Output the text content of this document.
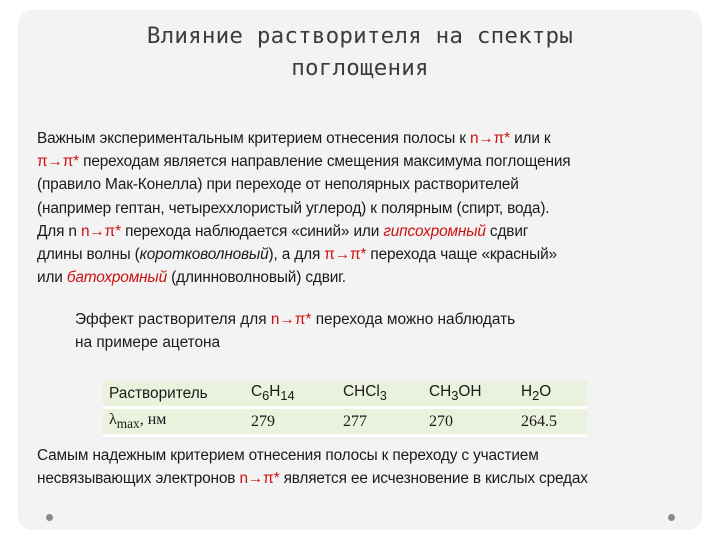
Влияние растворителя на спектры
поглощения
Важным экспериментальным критерием отнесения полосы к n→π* или к
π→π* переходам является направление смещения максимума поглощения
(правило Мак-Конелла) при переходе от неполярных растворителей
(например гептан, четыреххлористый углерод) к полярным (спирт, вода).
Для n n→π* перехода наблюдается «синий» или гипсохромный сдвиг
длины волны (коротковолновый), а для π→π* перехода чаще «красный»
или батохромный (длинноволновый) сдвиг.
Эффект растворителя для n→π* перехода можно наблюдать
на примере ацетона
Растворитель	$C_6H_{14}$	CHCl$_3$	$CH_3OH$	$H_2O$
$\lambda_{max}$, нм	279	277	270	264.5
Самым надежным критерием отнесения полосы к переходу с участием
несвязывающих электронов n→π* является ее исчезновение в кислых средах
